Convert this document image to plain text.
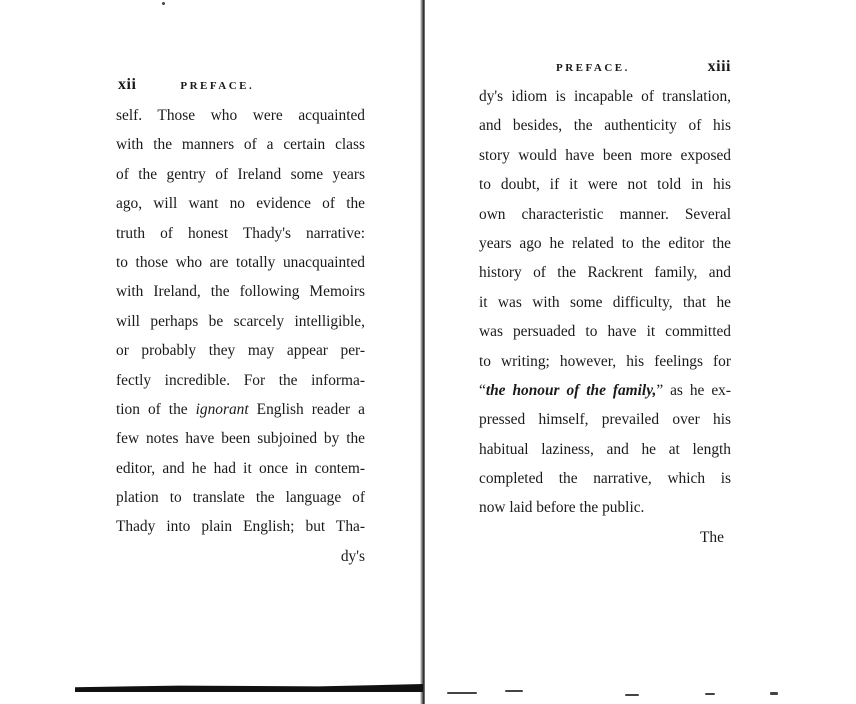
xii	PREFACE.
self. Those who were acquainted
with the manners of a certain class
of the gentry of Ireland some years
ago, will want no evidence of the
truth of honest Thady's narrative:
to those who are totally unacquainted
with Ireland, the following Memoirs
will perhaps be scarcely intelligible,
or probably they may appear per-
fectly incredible. For the informa-
tion of the ignorant English reader a
few notes have been subjoined by the
editor, and he had it once in contem-
plation to translate the language of
Thady into plain English; but Tha-
dy's
PREFACE.	xiii
dy's idiom is incapable of translation,
and besides, the authenticity of his
story would have been more exposed
to doubt, if it were not told in his
own characteristic manner. Several
years ago he related to the editor the
history of the Rackrent family, and
it was with some difficulty, that he
was persuaded to have it committed
to writing; however, his feelings for
“the honour of the family,” as he ex-
pressed himself, prevailed over his
habitual laziness, and he at length
completed the narrative, which is
now laid before the public.
The
